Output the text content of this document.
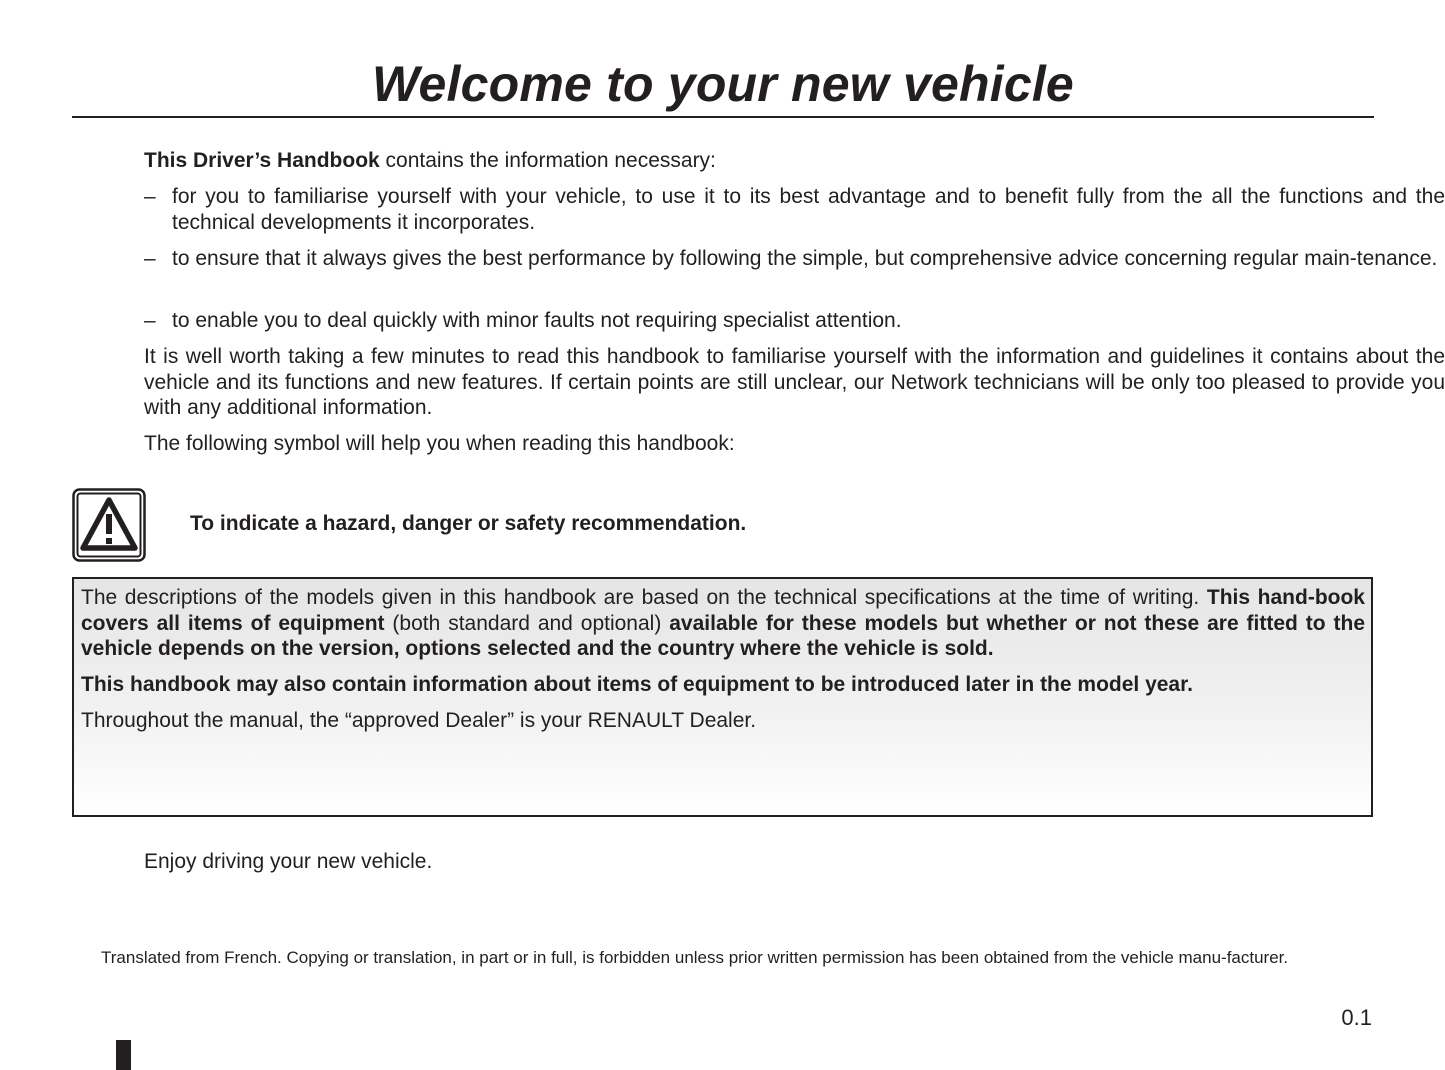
Welcome to your new vehicle

This Driver’s Handbook contains the information necessary:

– for you to familiarise yourself with your vehicle, to use it to its best advantage and to benefit fully from the all the functions and the technical developments it incorporates.

– to ensure that it always gives the best performance by following the simple, but comprehensive advice concerning regular main-tenance.

– to enable you to deal quickly with minor faults not requiring specialist attention.

It is well worth taking a few minutes to read this handbook to familiarise yourself with the information and guidelines it contains about the vehicle and its functions and new features. If certain points are still unclear, our Network technicians will be only too pleased to provide you with any additional information.

The following symbol will help you when reading this handbook:

Enjoy driving your new vehicle.

To indicate a hazard, danger or safety recommendation.

The descriptions of the models given in this handbook are based on the technical specifications at the time of writing. This hand-book covers all items of equipment (both standard and optional) available for these models but whether or not these are fitted to the vehicle depends on the version, options selected and the country where the vehicle is sold.

This handbook may also contain information about items of equipment to be introduced later in the model year.

Throughout the manual, the “approved Dealer” is your RENAULT Dealer.

Translated from French. Copying or translation, in part or in full, is forbidden unless prior written permission has been obtained from the vehicle manu-facturer.

0.1
